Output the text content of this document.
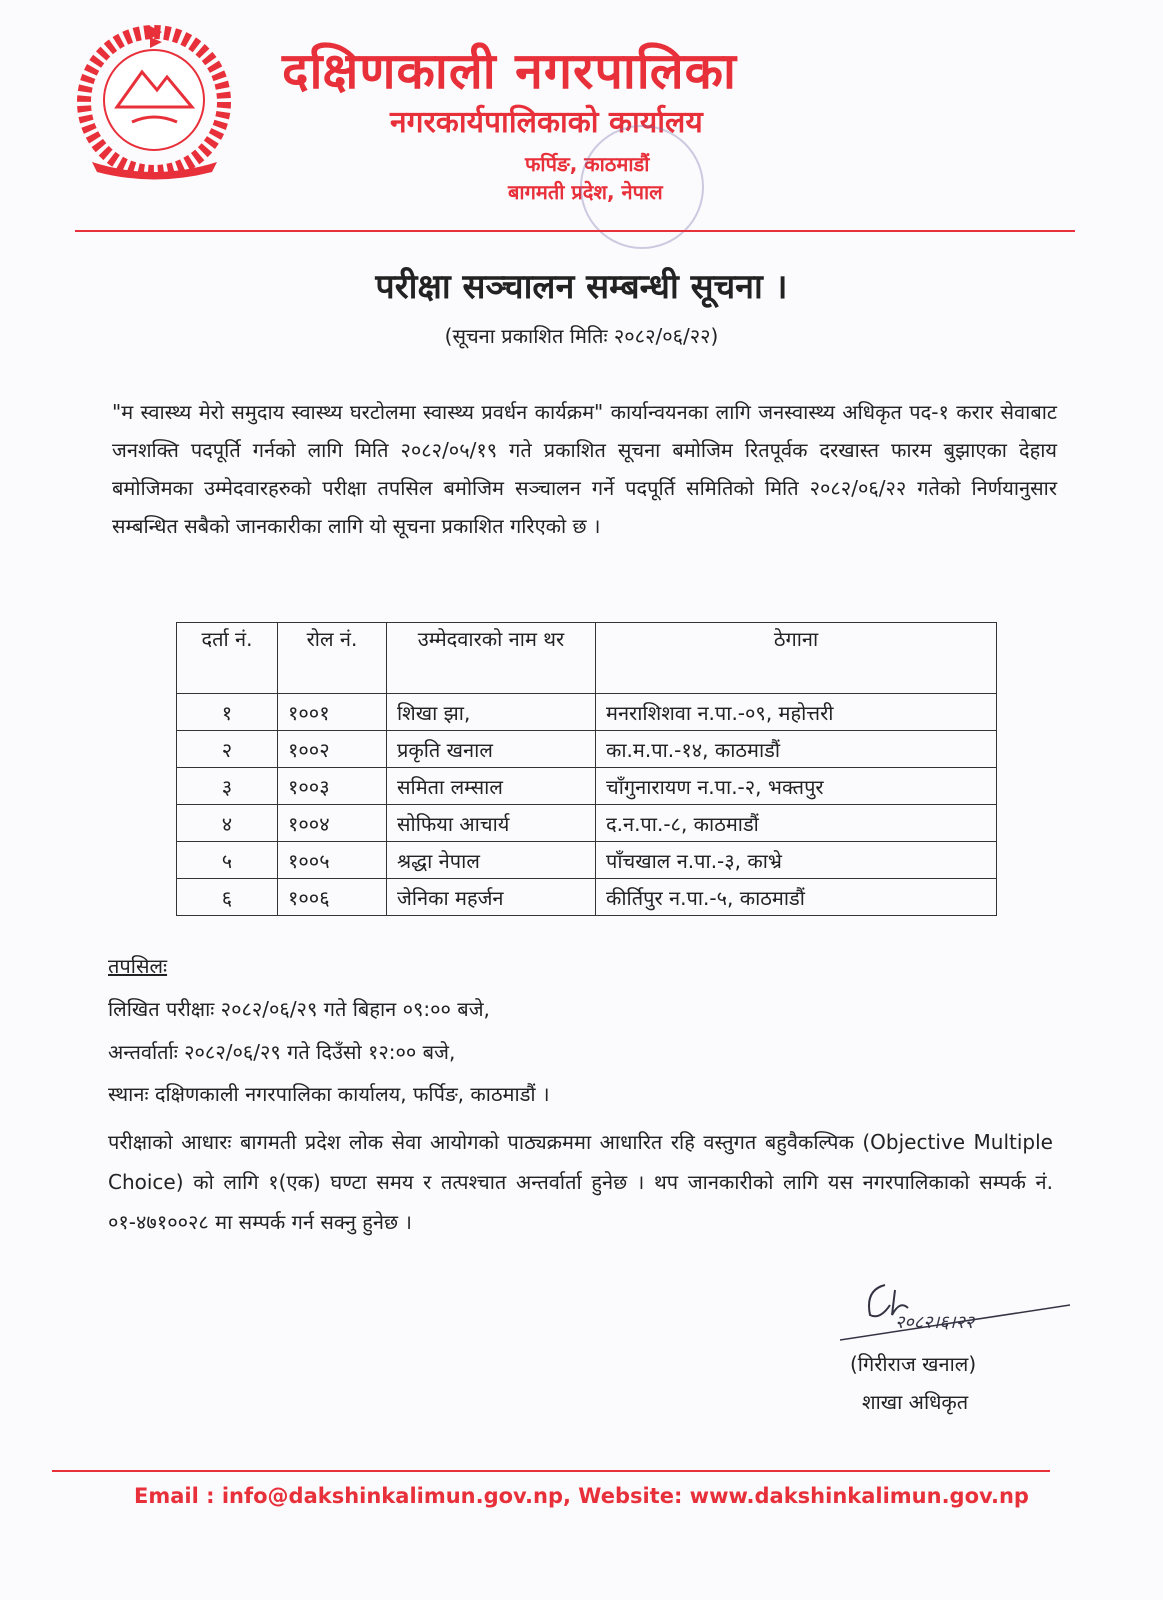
दक्षिणकाली नगरपालिका
नगरकार्यपालिकाको कार्यालय
फर्पिङ, काठमाडौं
बागमती प्रदेश, नेपाल
परीक्षा सञ्चालन सम्बन्धी सूचना ।
(सूचना प्रकाशित मितिः २०८२/०६/२२)
"म स्वास्थ्य मेरो समुदाय स्वास्थ्य घरटोलमा स्वास्थ्य प्रवर्धन कार्यक्रम" कार्यान्वयनका लागि जनस्वास्थ्य अधिकृत पद-१ करार सेवाबाट जनशक्ति पदपूर्ति गर्नको लागि मिति २०८२/०५/१९ गते प्रकाशित सूचना बमोजिम रितपूर्वक दरखास्त फारम बुझाएका देहाय बमोजिमका उम्मेदवारहरुको परीक्षा तपसिल बमोजिम सञ्चालन गर्ने पदपूर्ति समितिको मिति २०८२/०६/२२ गतेको निर्णयानुसार सम्बन्धित सबैको जानकारीका लागि यो सूचना प्रकाशित गरिएको छ ।
दर्ता नं.	रोल नं.	उम्मेदवारको नाम थर	ठेगाना
१	१००१	शिखा झा,	मनराशिशवा न.पा.-०९, महोत्तरी
२	१००२	प्रकृति खनाल	का.म.पा.-१४, काठमाडौं
३	१००३	समिता लम्साल	चाँगुनारायण न.पा.-२, भक्तपुर
४	१००४	सोफिया आचार्य	द.न.पा.-८, काठमाडौं
५	१००५	श्रद्धा नेपाल	पाँचखाल न.पा.-३, काभ्रे
६	१००६	जेनिका महर्जन	कीर्तिपुर न.पा.-५, काठमाडौं
तपसिलः
लिखित परीक्षाः २०८२/०६/२९ गते बिहान ०९:०० बजे,
अन्तर्वार्ताः २०८२/०६/२९ गते दिउँसो १२:०० बजे,
स्थानः दक्षिणकाली नगरपालिका कार्यालय, फर्पिङ, काठमाडौं ।
परीक्षाको आधारः बागमती प्रदेश लोक सेवा आयोगको पाठ्यक्रममा आधारित रहि वस्तुगत बहुवैकल्पिक (Objective Multiple Choice) को लागि १(एक) घण्टा समय र तत्पश्चात अन्तर्वार्ता हुनेछ । थप जानकारीको लागि यस नगरपालिकाको सम्पर्क नं. ०१-४७१००२८ मा सम्पर्क गर्न सक्नु हुनेछ ।
२०८२।६।२२
(गिरीराज खनाल)
शाखा अधिकृत
Email : info@dakshinkalimun.gov.np, Website: www.dakshinkalimun.gov.np
